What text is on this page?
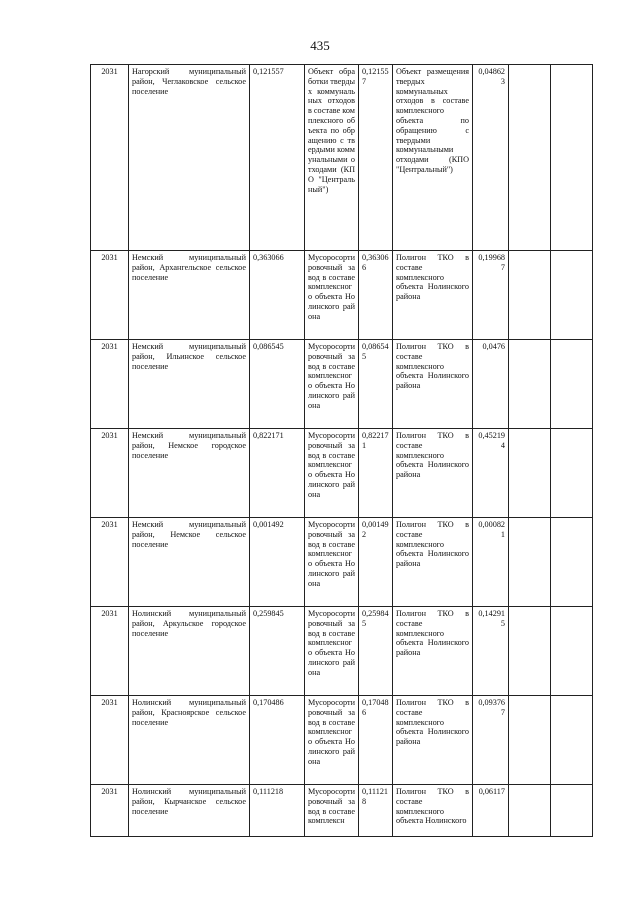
435
2031	Нагорский муниципальный район, Чеглаковское сельское поселение	0,121557	Объект обработки твердых коммунальных отходов в составе комплексного объекта по обращению с твердыми коммунальными отходами (КПО "Центральный")	0,121557	Объект размещения твердых коммунальных отходов в составе комплексного объекта по обращению с твердыми коммунальными отходами (КПО "Центральный")	0,048623		
2031	Немский муниципальный район, Архангельское сельское поселение	0,363066	Мусоросортировочный завод в составе комплексного объекта Нолинского района	0,363066	Полигон ТКО в составе комплексного объекта Нолинского района	0,199687		
2031	Немский муниципальный район, Ильинское сельское поселение	0,086545	Мусоросортировочный завод в составе комплексного объекта Нолинского района	0,086545	Полигон ТКО в составе комплексного объекта Нолинского района	0,0476		
2031	Немский муниципальный район, Немское городское поселение	0,822171	Мусоросортировочный завод в составе комплексного объекта Нолинского района	0,822171	Полигон ТКО в составе комплексного объекта Нолинского района	0,452194		
2031	Немский муниципальный район, Немское сельское поселение	0,001492	Мусоросортировочный завод в составе комплексного объекта Нолинского района	0,001492	Полигон ТКО в составе комплексного объекта Нолинского района	0,000821		
2031	Нолинский муниципальный район, Аркульское городское поселение	0,259845	Мусоросортировочный завод в составе комплексного объекта Нолинского района	0,259845	Полигон ТКО в составе комплексного объекта Нолинского района	0,142915		
2031	Нолинский муниципальный район, Красноярское сельское поселение	0,170486	Мусоросортировочный завод в составе комплексного объекта Нолинского района	0,170486	Полигон ТКО в составе комплексного объекта Нолинского района	0,093767		
2031	Нолинский муниципальный район, Кырчанское сельское поселение	0,111218	Мусоросортировочный завод в составе комплексн	0,111218	Полигон ТКО в составе комплексного объекта Нолинского	0,06117		
